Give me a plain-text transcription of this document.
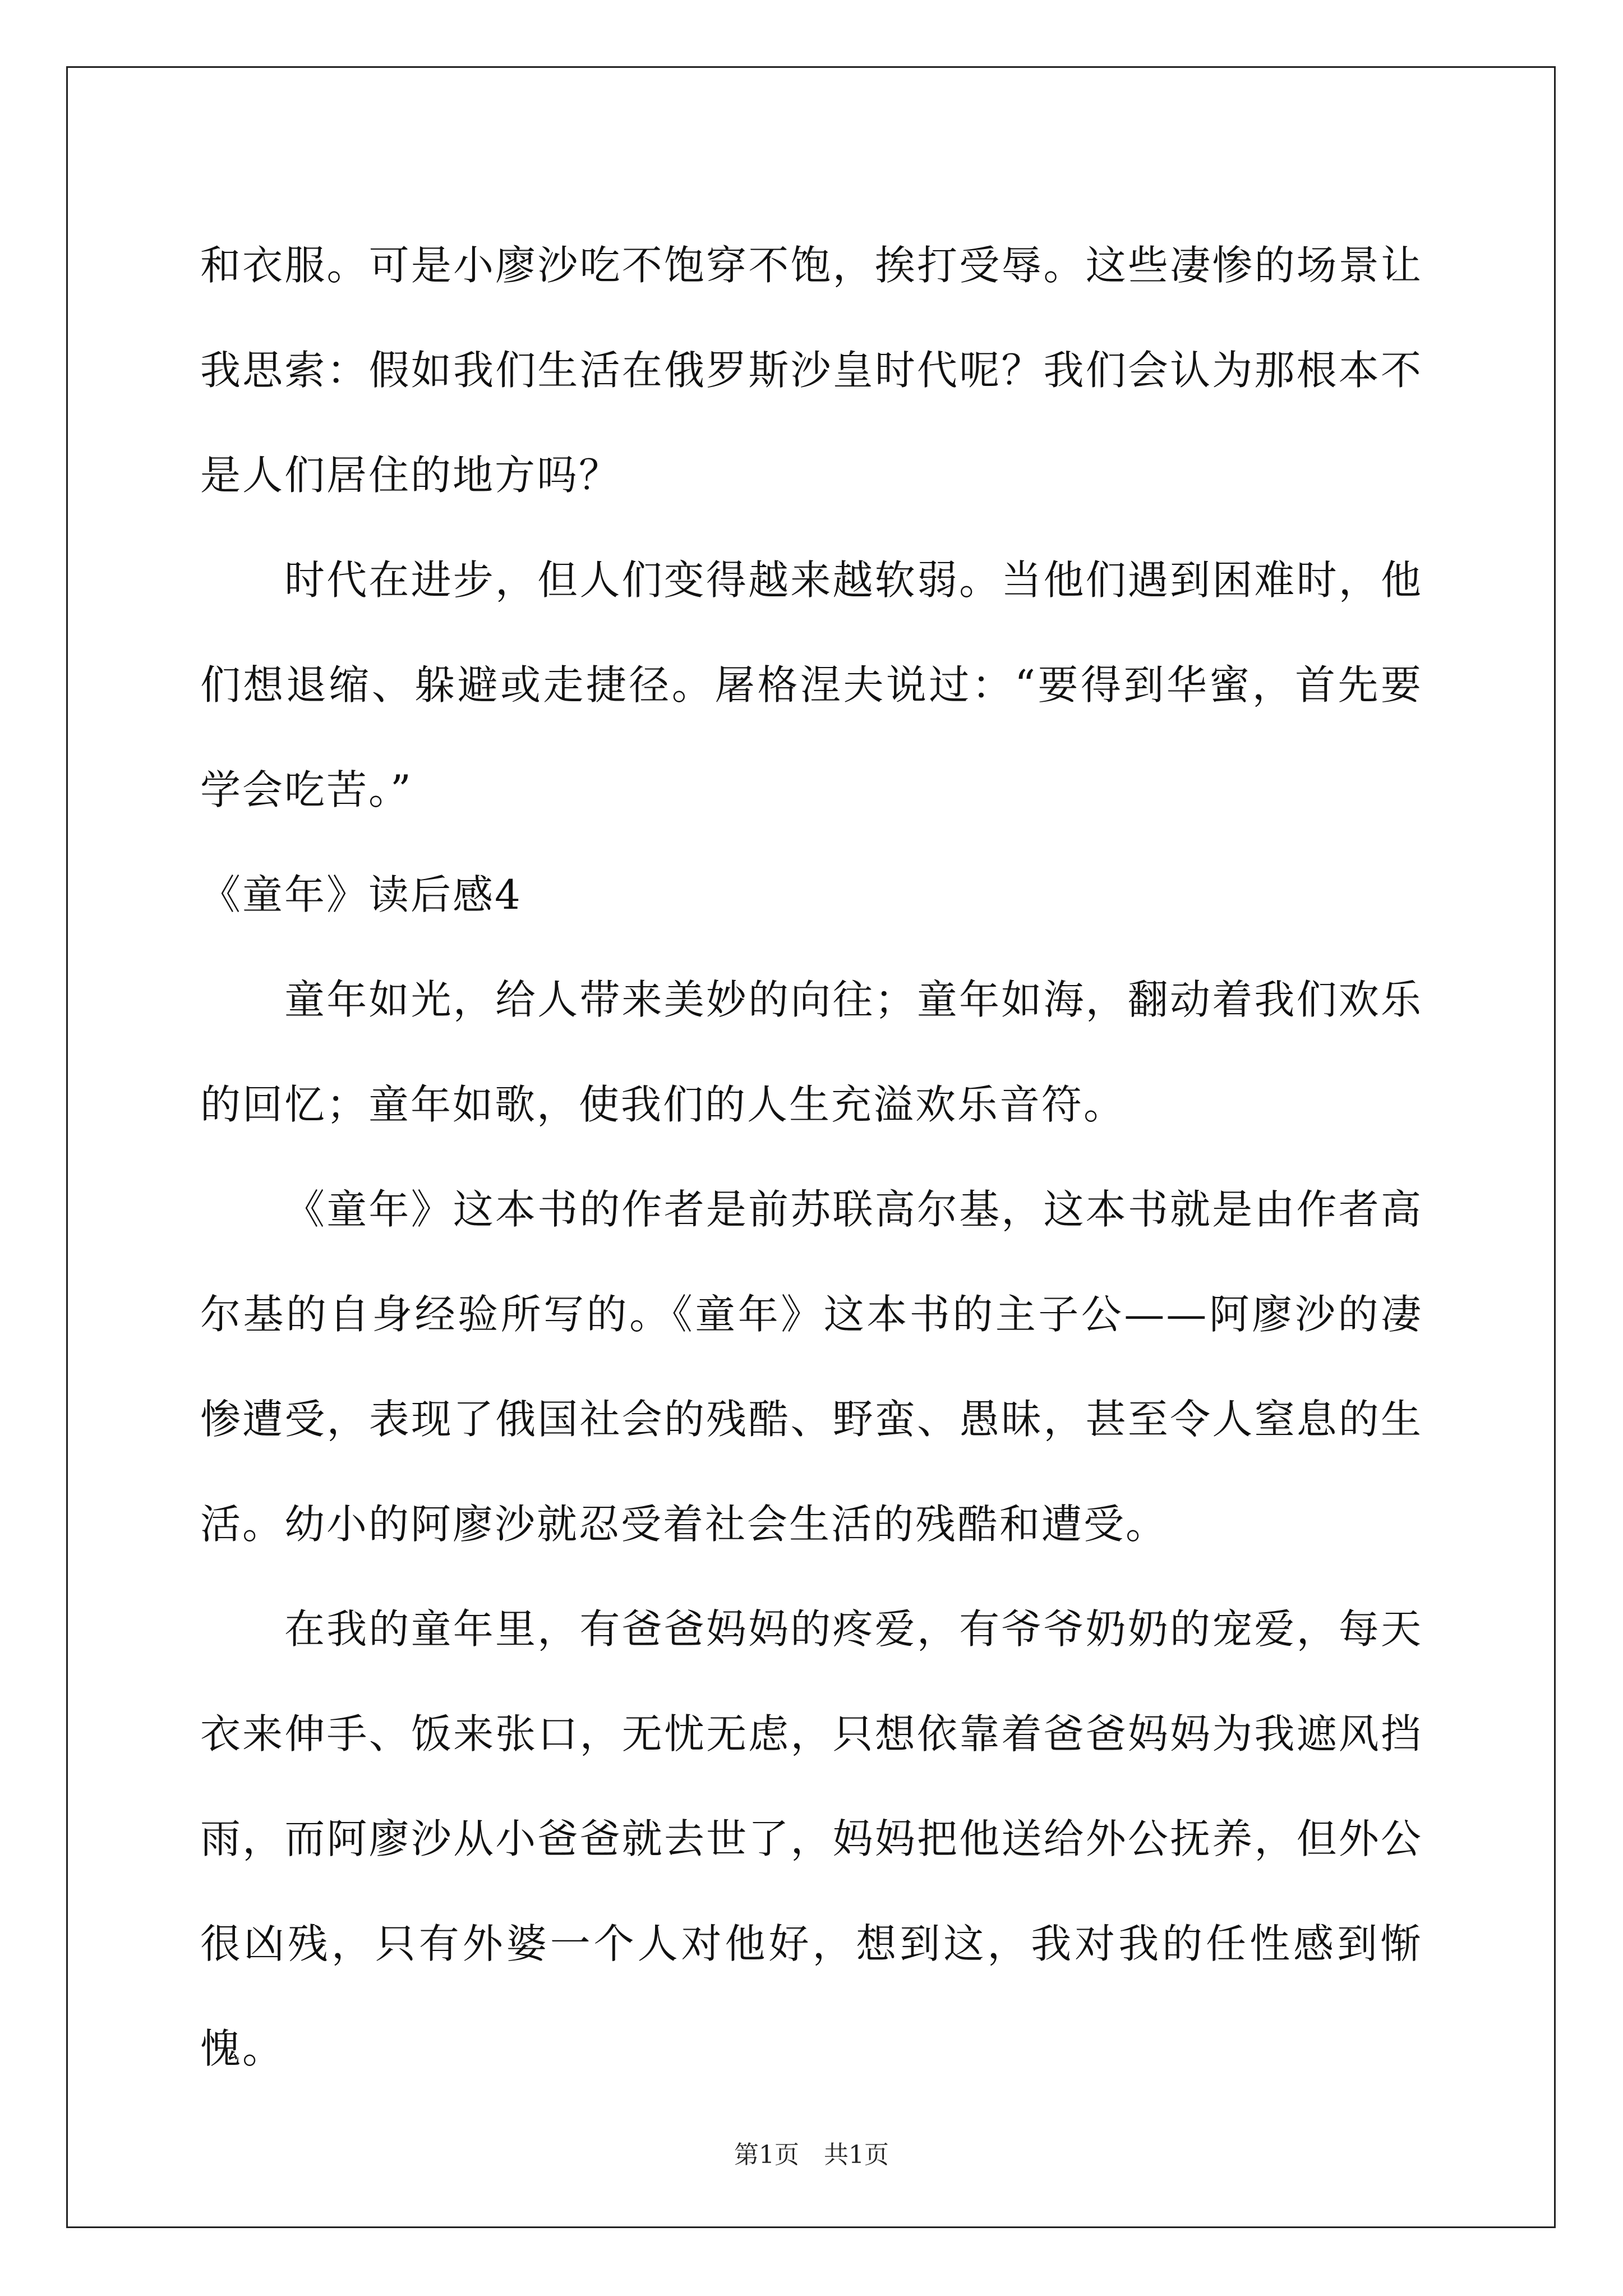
和衣服。可是小廖沙吃不饱穿不饱，挨打受辱。这些凄惨的场景让我思索：假如我们生活在俄罗斯沙皇时代呢？我们会认为那根本不是人们居住的地方吗？

时代在进步，但人们变得越来越软弱。当他们遇到困难时，他们想退缩、躲避或走捷径。屠格涅夫说过：“要得到华蜜，首先要学会吃苦。”

《童年》读后感4

童年如光，给人带来美妙的向往；童年如海，翻动着我们欢乐的回忆；童年如歌，使我们的人生充溢欢乐音符。

《童年》这本书的作者是前苏联高尔基，这本书就是由作者高尔基的自身经验所写的。《童年》这本书的主子公——阿廖沙的凄惨遭受，表现了俄国社会的残酷、野蛮、愚昧，甚至令人窒息的生活。幼小的阿廖沙就忍受着社会生活的残酷和遭受。

在我的童年里，有爸爸妈妈的疼爱，有爷爷奶奶的宠爱，每天衣来伸手、饭来张口，无忧无虑，只想依靠着爸爸妈妈为我遮风挡雨，而阿廖沙从小爸爸就去世了，妈妈把他送给外公抚养，但外公很凶残，只有外婆一个人对他好，想到这，我对我的任性感到惭愧。

第1页　共1页
